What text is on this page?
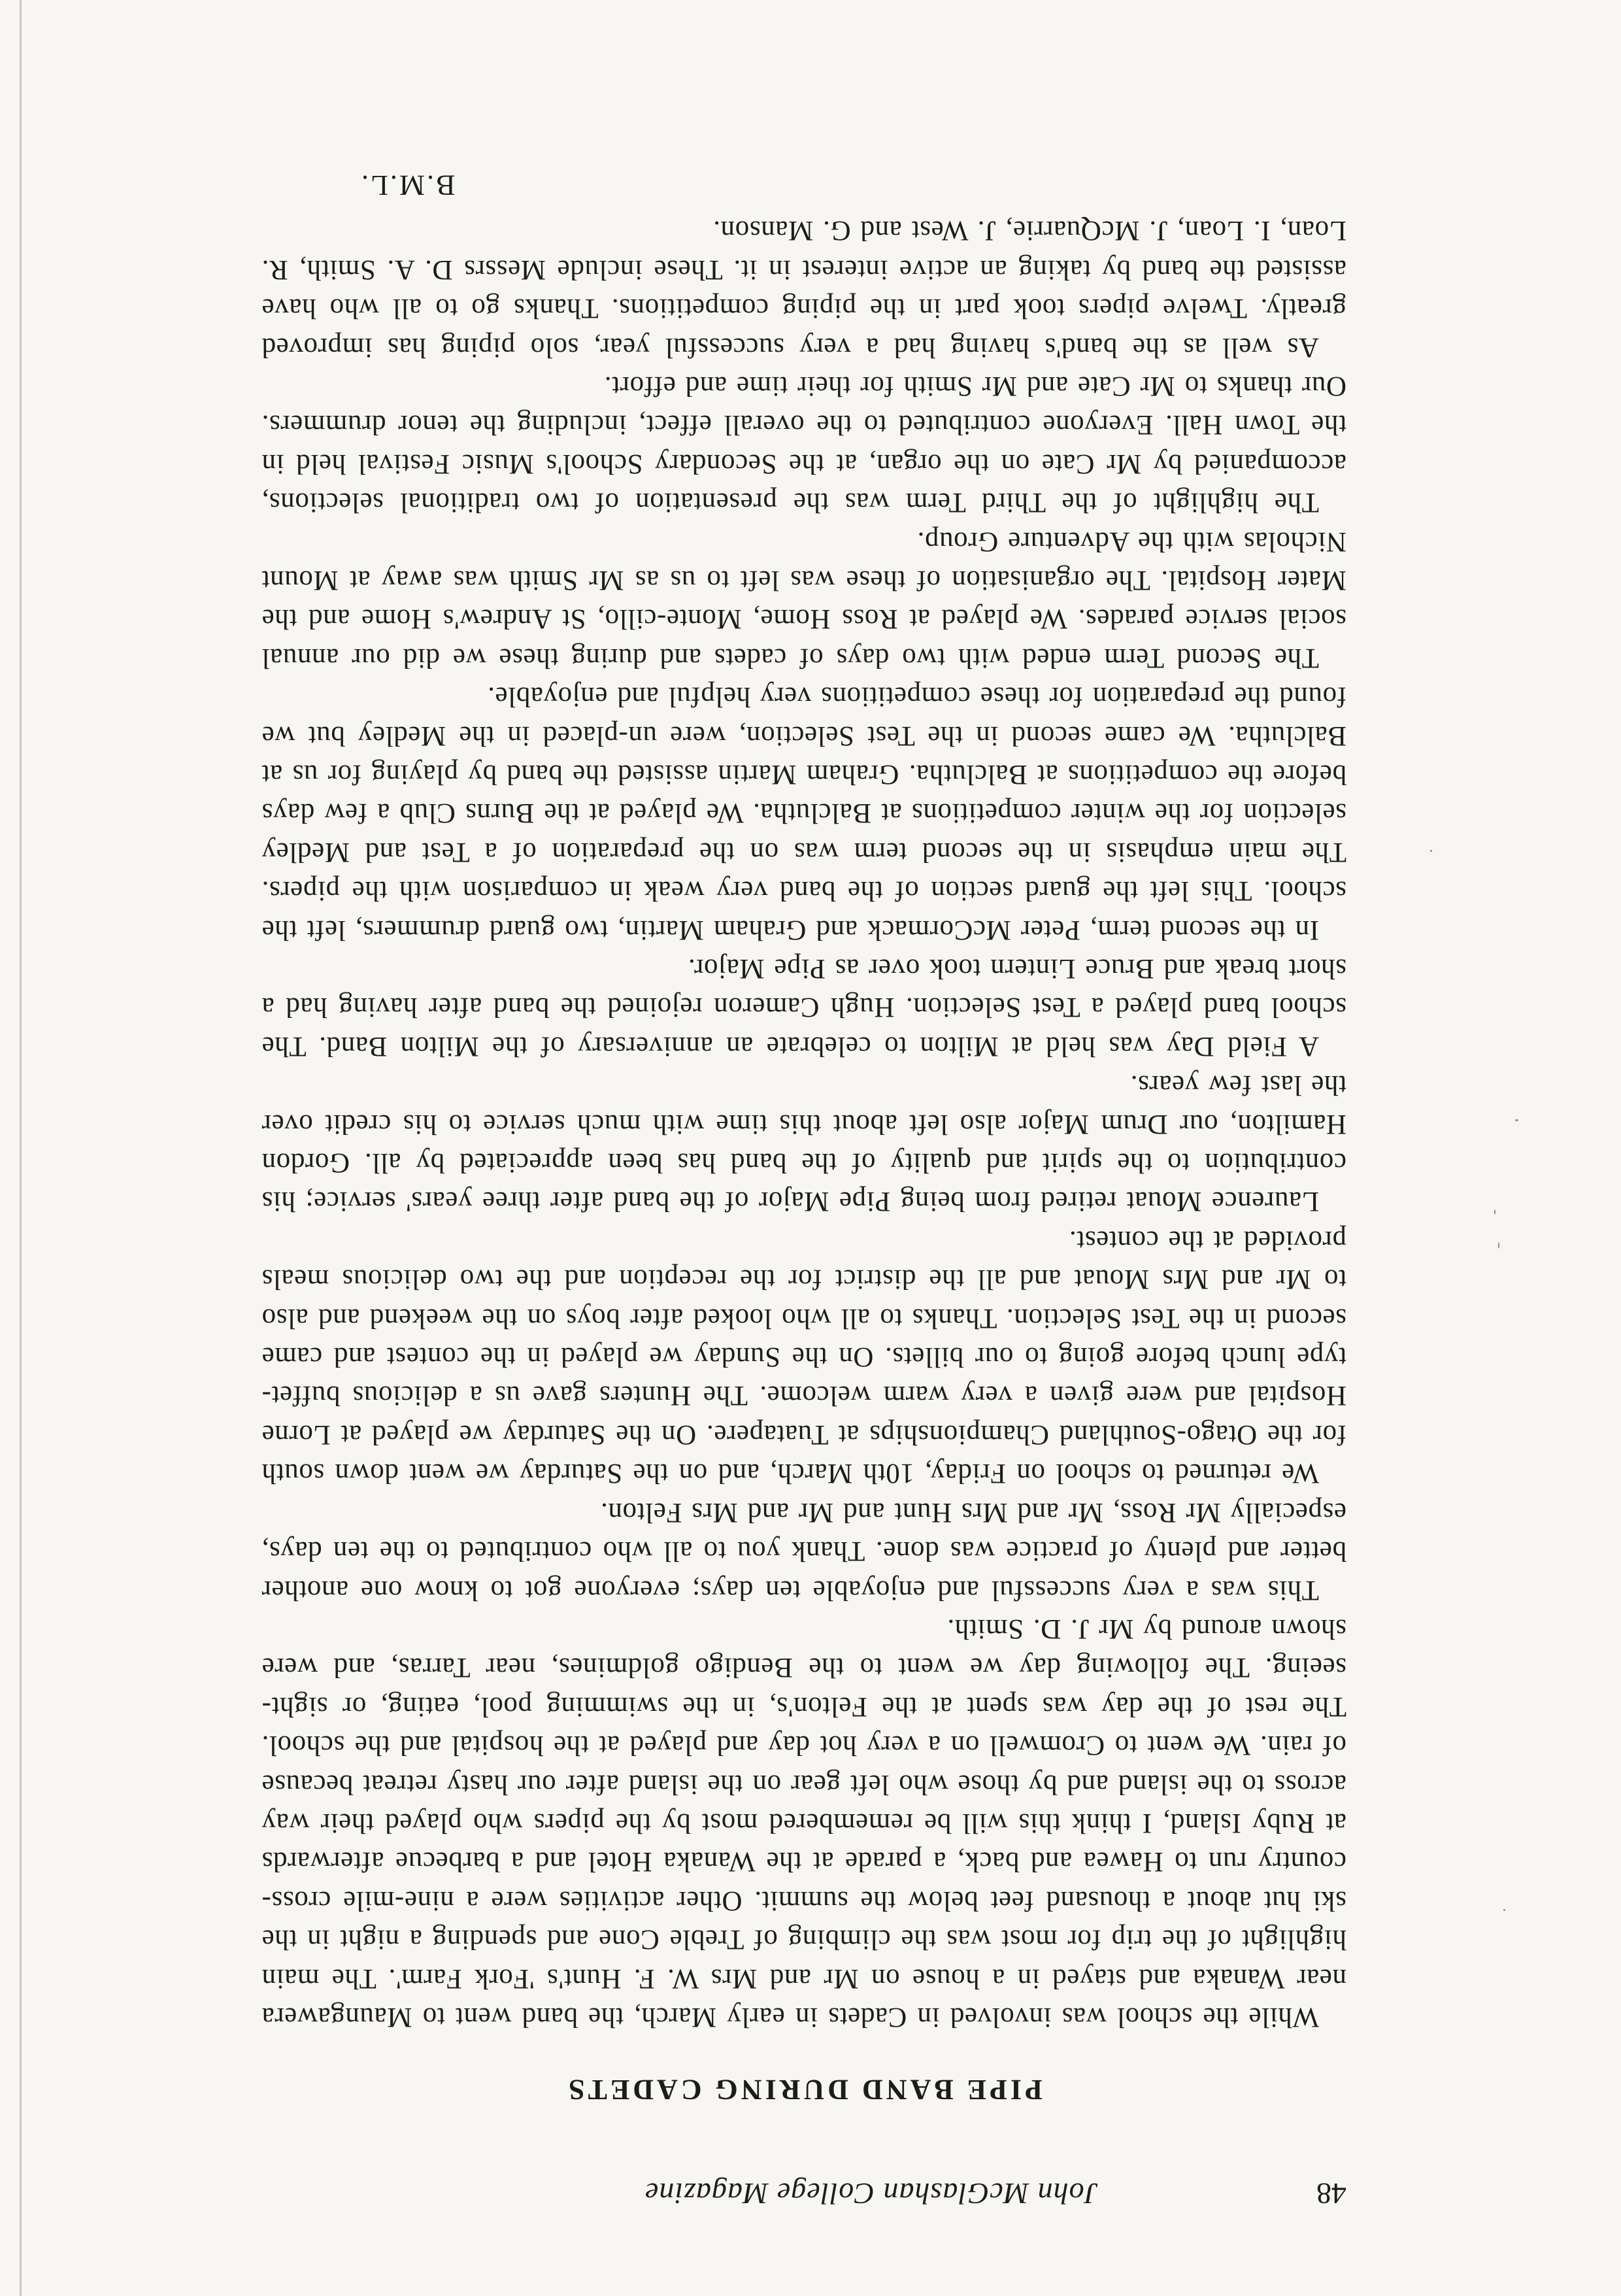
48
John McGlashan College Magazine
PIPE BAND DURING CADETS

While the school was involved in Cadets in early March, the band went to Maungawera near Wanaka and stayed in a house on Mr and Mrs W. F. Hunt's 'Fork Farm'. The main highlight of the trip for most was the climbing of Treble Cone and spending a night in the ski hut about a thousand feet below the summit. Other activities were a nine-mile cross-country run to Hawea and back, a parade at the Wanaka Hotel and a barbecue afterwards at Ruby Island, I think this will be remembered most by the pipers who played their way across to the island and by those who left gear on the island after our hasty retreat because of rain. We went to Cromwell on a very hot day and played at the hospital and the school. The rest of the day was spent at the Felton's, in the swimming pool, eating, or sight-seeing. The following day we went to the Bendigo goldmines, near Tarras, and were shown around by Mr J. D. Smith.

This was a very successful and enjoyable ten days; everyone got to know one another better and plenty of practice was done. Thank you to all who contributed to the ten days, especially Mr Ross, Mr and Mrs Hunt and Mr and Mrs Felton.

We returned to school on Friday, 10th March, and on the Saturday we went down south for the Otago-Southland Championships at Tuatapere. On the Saturday we played at Lorne Hospital and were given a very warm welcome. The Hunters gave us a delicious buffet-type lunch before going to our billets. On the Sunday we played in the contest and came second in the Test Selection. Thanks to all who looked after boys on the weekend and also to Mr and Mrs Mouat and all the district for the reception and the two delicious meals provided at the contest.

Laurence Mouat retired from being Pipe Major of the band after three years' service; his contribution to the spirit and quality of the band has been appreciated by all. Gordon Hamilton, our Drum Major also left about this time with much service to his credit over the last few years.

A Field Day was held at Milton to celebrate an anniversary of the Milton Band. The school band played a Test Selection. Hugh Cameron rejoined the band after having had a short break and Bruce Lintern took over as Pipe Major.

In the second term, Peter McCormack and Graham Martin, two guard drummers, left the school. This left the guard section of the band very weak in comparison with the pipers. The main emphasis in the second term was on the preparation of a Test and Medley selection for the winter competitions at Balclutha. We played at the Burns Club a few days before the competitions at Balclutha. Graham Martin assisted the band by playing for us at Balclutha. We came second in the Test Selection, were un-placed in the Medley but we found the preparation for these competitions very helpful and enjoyable.

The Second Term ended with two days of cadets and during these we did our annual social service parades. We played at Ross Home, Monte-cillo, St Andrew's Home and the Mater Hospital. The organisation of these was left to us as Mr Smith was away at Mount Nicholas with the Adventure Group.

The highlight of the Third Term was the presentation of two traditional selections, accompanied by Mr Cate on the organ, at the Secondary School's Music Festival held in the Town Hall. Everyone contributed to the overall effect, including the tenor drummers. Our thanks to Mr Cate and Mr Smith for their time and effort.

As well as the band's having had a very successful year, solo piping has improved greatly. Twelve pipers took part in the piping competitions. Thanks go to all who have assisted the band by taking an active interest in it. These include Messrs D. A. Smith, R. Loan, I. Loan, J. McQuarrie, J. West and G. Manson.

B.M.L.
